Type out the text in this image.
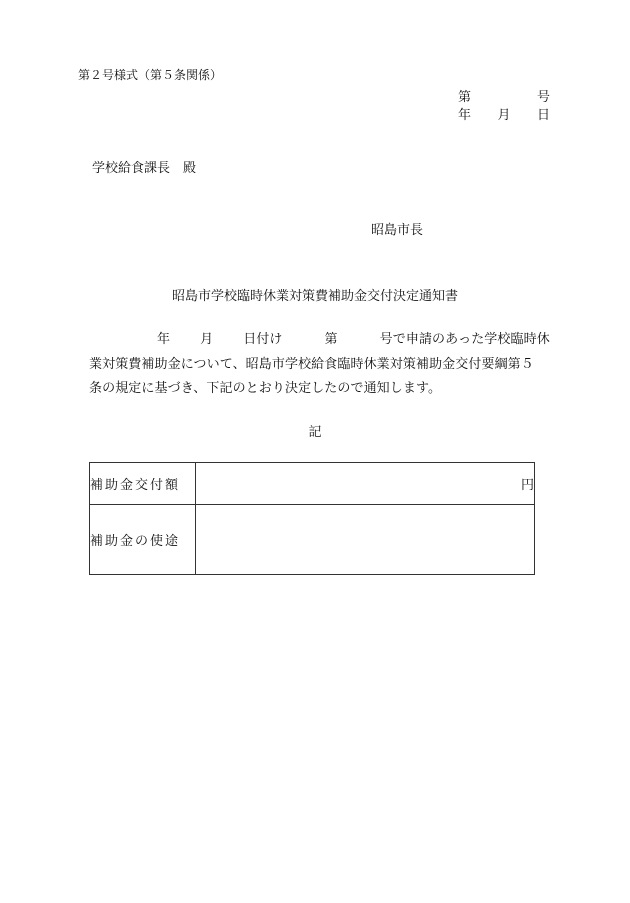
第２号様式（第５条関係）
第	号
年 月 日
学校給食課長　殿
昭島市長
昭島市学校臨時休業対策費補助金交付決定通知書
年 月 日付け	第	号で申請のあった学校臨時休
業対策費補助金について、昭島市学校給食臨時休業対策補助金交付要綱第５
条の規定に基づき、下記のとおり決定したので通知します。
記
補助金交付額	円
補助金の使途	
